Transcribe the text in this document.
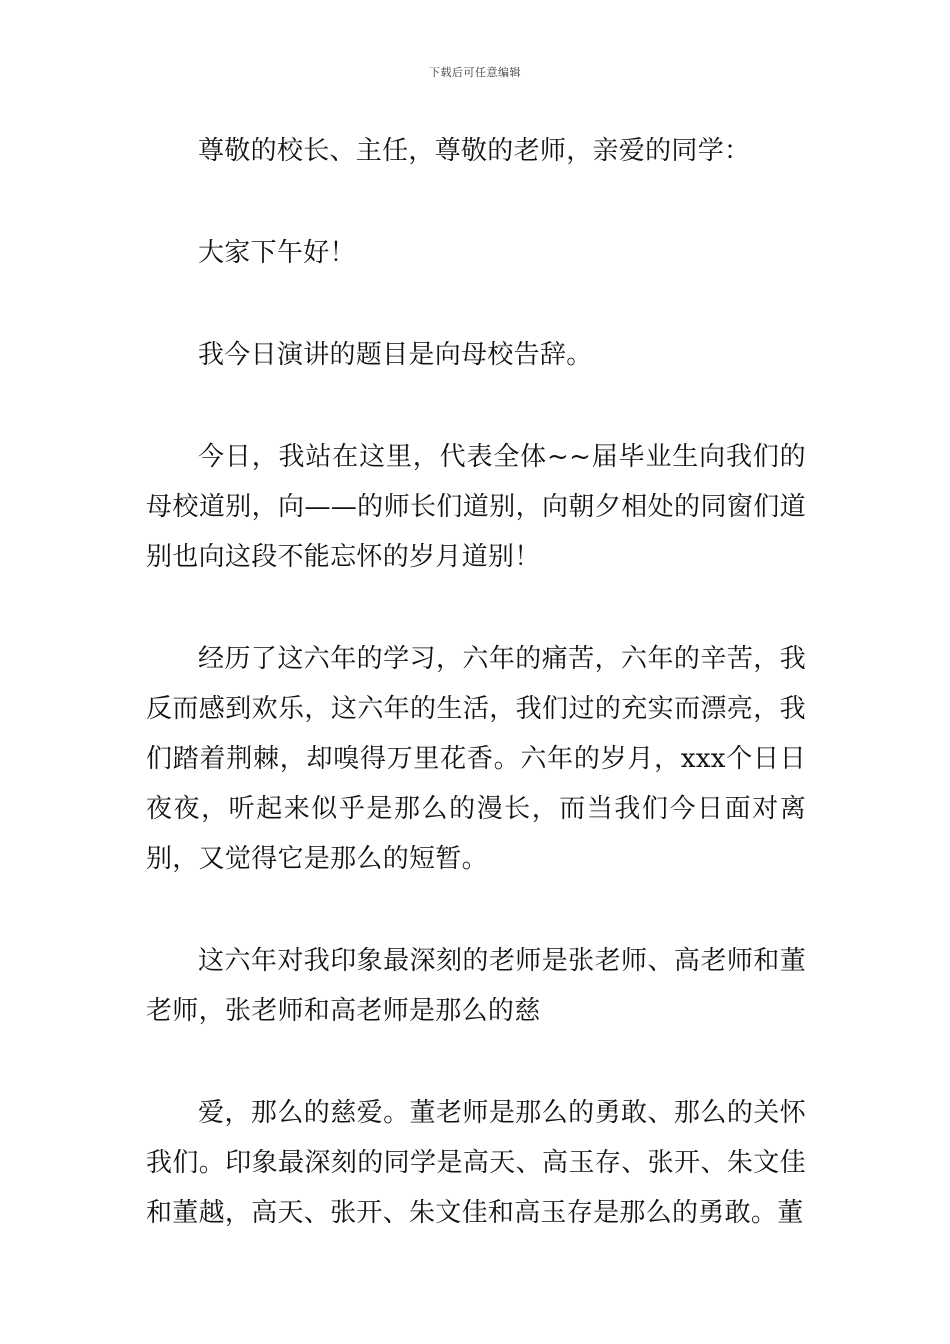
下载后可任意编辑

尊敬的校长、主任，尊敬的老师，亲爱的同学：

大家下午好！

我今日演讲的题目是向母校告辞。

今日，我站在这里，代表全体~~届毕业生向我们的母校道别，向——的师长们道别，向朝夕相处的同窗们道别也向这段不能忘怀的岁月道别！

经历了这六年的学习，六年的痛苦，六年的辛苦，我反而感到欢乐，这六年的生活，我们过的充实而漂亮，我们踏着荆棘，却嗅得万里花香。六年的岁月，xxx个日日夜夜，听起来似乎是那么的漫长，而当我们今日面对离别，又觉得它是那么的短暂。

这六年对我印象最深刻的老师是张老师、高老师和董老师，张老师和高老师是那么的慈

爱，那么的慈爱。董老师是那么的勇敢、那么的关怀我们。印象最深刻的同学是高天、高玉存、张开、朱文佳和董越，高天、张开、朱文佳和高玉存是那么的勇敢。董
